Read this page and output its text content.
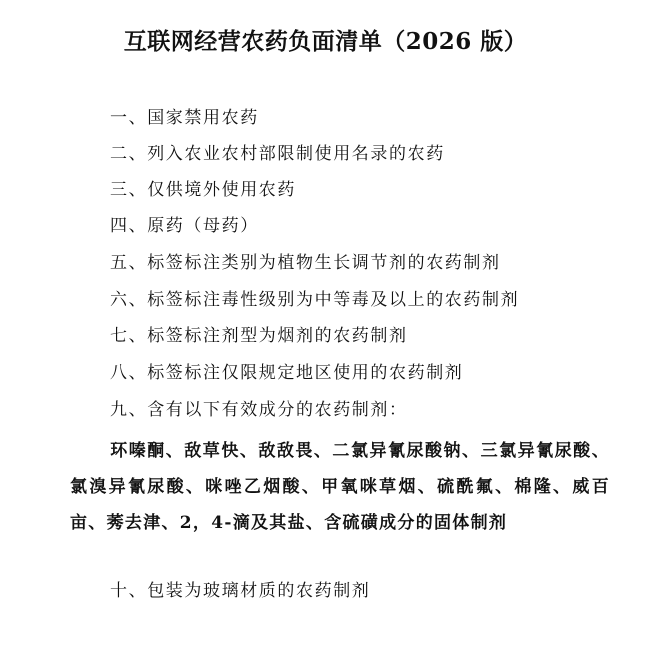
互联网经营农药负面清单（2026 版）
一、国家禁用农药
二、列入农业农村部限制使用名录的农药
三、仅供境外使用农药
四、原药（母药）
五、标签标注类别为植物生长调节剂的农药制剂
六、标签标注毒性级别为中等毒及以上的农药制剂
七、标签标注剂型为烟剂的农药制剂
八、标签标注仅限规定地区使用的农药制剂
九、含有以下有效成分的农药制剂：
环嗪酮、敌草快、敌敌畏、二氯异氰尿酸钠、三氯异氰尿酸、氯溴异氰尿酸、咪唑乙烟酸、甲氧咪草烟、硫酰氟、棉隆、威百亩、莠去津、2，4-滴及其盐、含硫磺成分的固体制剂
十、包装为玻璃材质的农药制剂
